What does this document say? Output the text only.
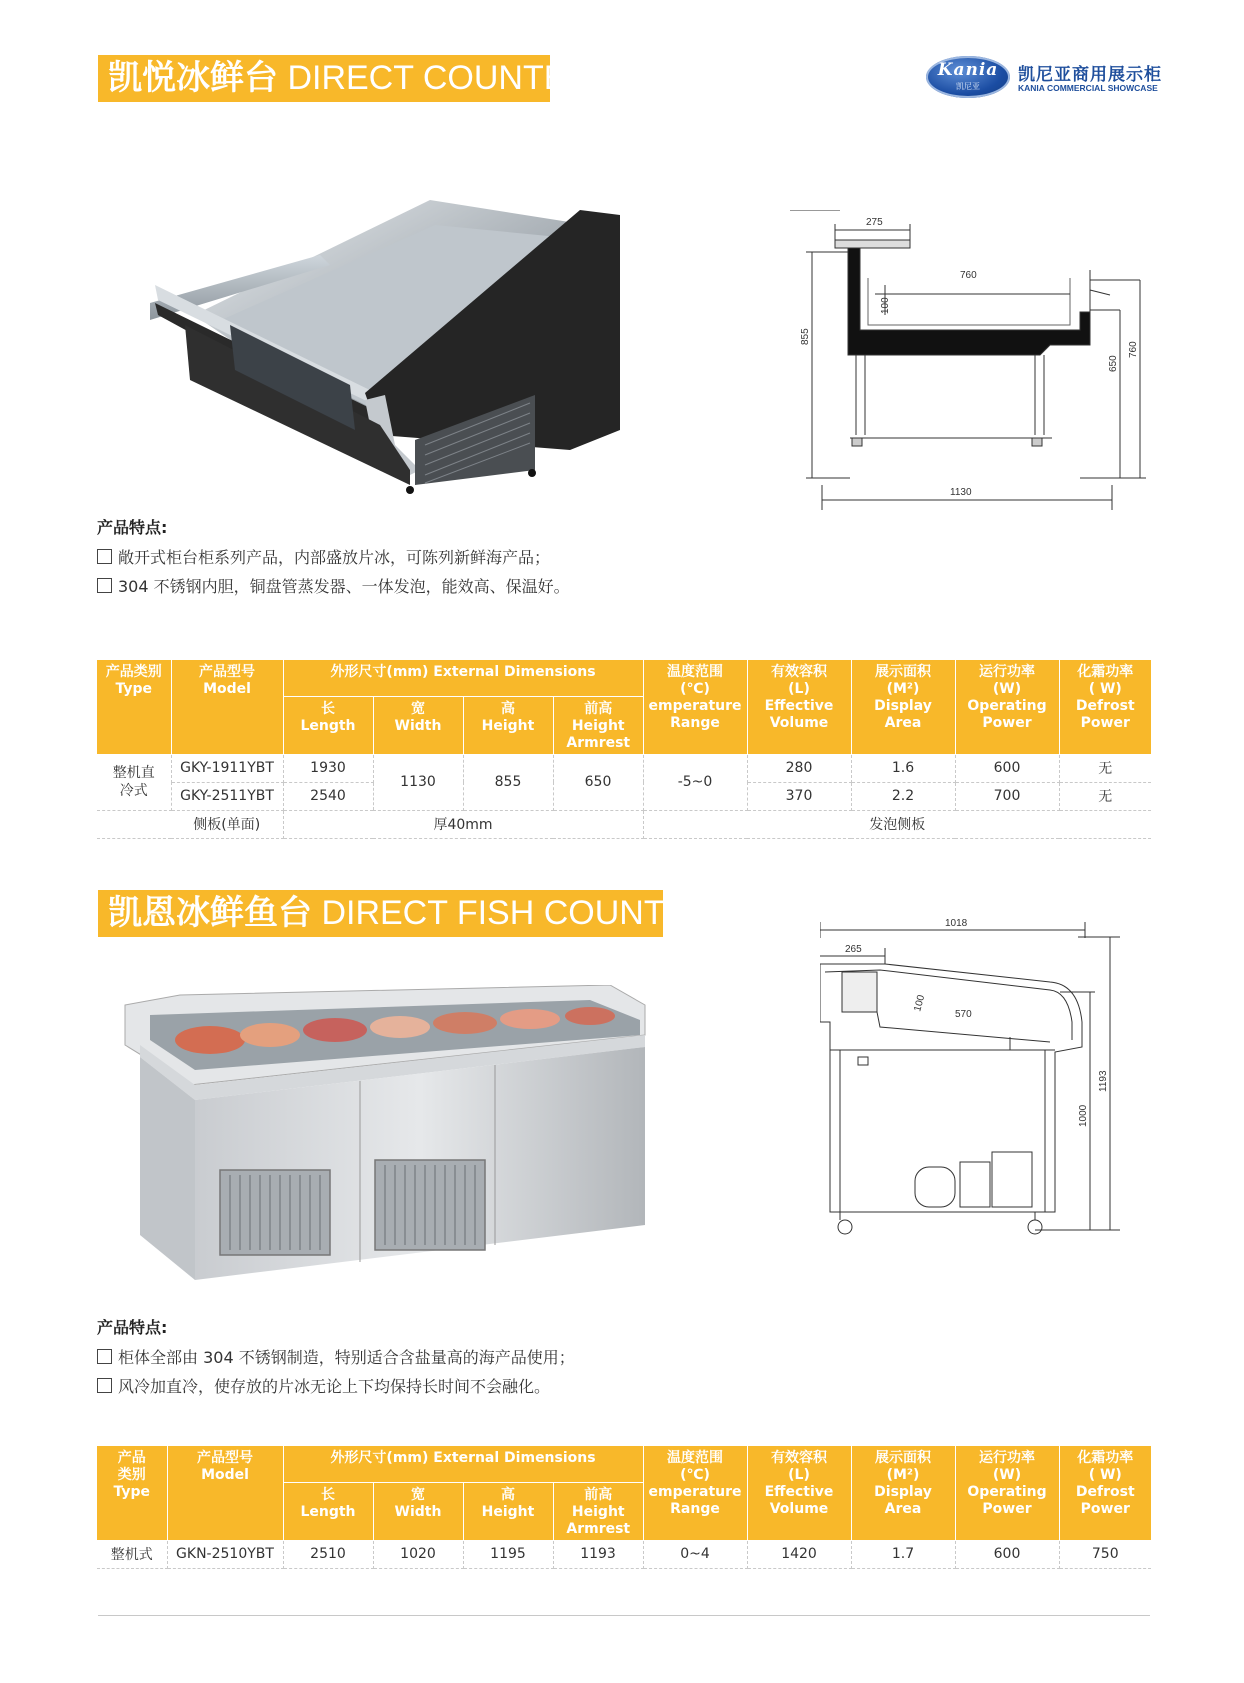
凯悦冰鲜台 DIRECT COUNTER	Kania
凯尼亚
凯尼亚商用展示柜
KANIA COMMERCIAL SHOWCASE
275
760
100
855
650
760
1130
产品特点:
敞开式柜台柜系列产品，内部盛放片冰，可陈列新鲜海产品；
304 不锈钢内胆，铜盘管蒸发器、一体发泡，能效高、保温好。
产品类别
Type	产品型号
Model	外形尺寸(mm) External Dimensions				温度范围
(℃)
emperature
Range	有效容积
(L)
Effective
Volume	展示面积
(M²)
Display
Area	运行功率
(W)
Operating
Power	化霜功率
( W)
Defrost
Power

		长
Length	宽
Width	高
Height	前高
Height
Armrest					

整机直冷式	GKY-1911YBT	1930	1130	855	650	-5~0	280	1.6	600	无
	GKY-2511YBT	2540					370	2.2	700	无
	侧板(单面)	厚40mm				发泡侧板				
凯恩冰鲜鱼台 DIRECT FISH COUNTER	1018
265
100
570
1000
1193
产品特点:
柜体全部由 304 不锈钢制造，特别适合含盐量高的海产品使用；
风冷加直冷，使存放的片冰无论上下均保持长时间不会融化。
产品
类别
Type	产品型号
Model	外形尺寸(mm) External Dimensions				温度范围
(℃)
emperature
Range	有效容积
(L)
Effective
Volume	展示面积
(M²)
Display
Area	运行功率
(W)
Operating
Power	化霜功率
( W)
Defrost
Power

		长
Length	宽
Width	高
Height	前高
Height
Armrest					

整机式	GKN-2510YBT	2510	1020	1195	1193	0~4	1420	1.7	600	750
